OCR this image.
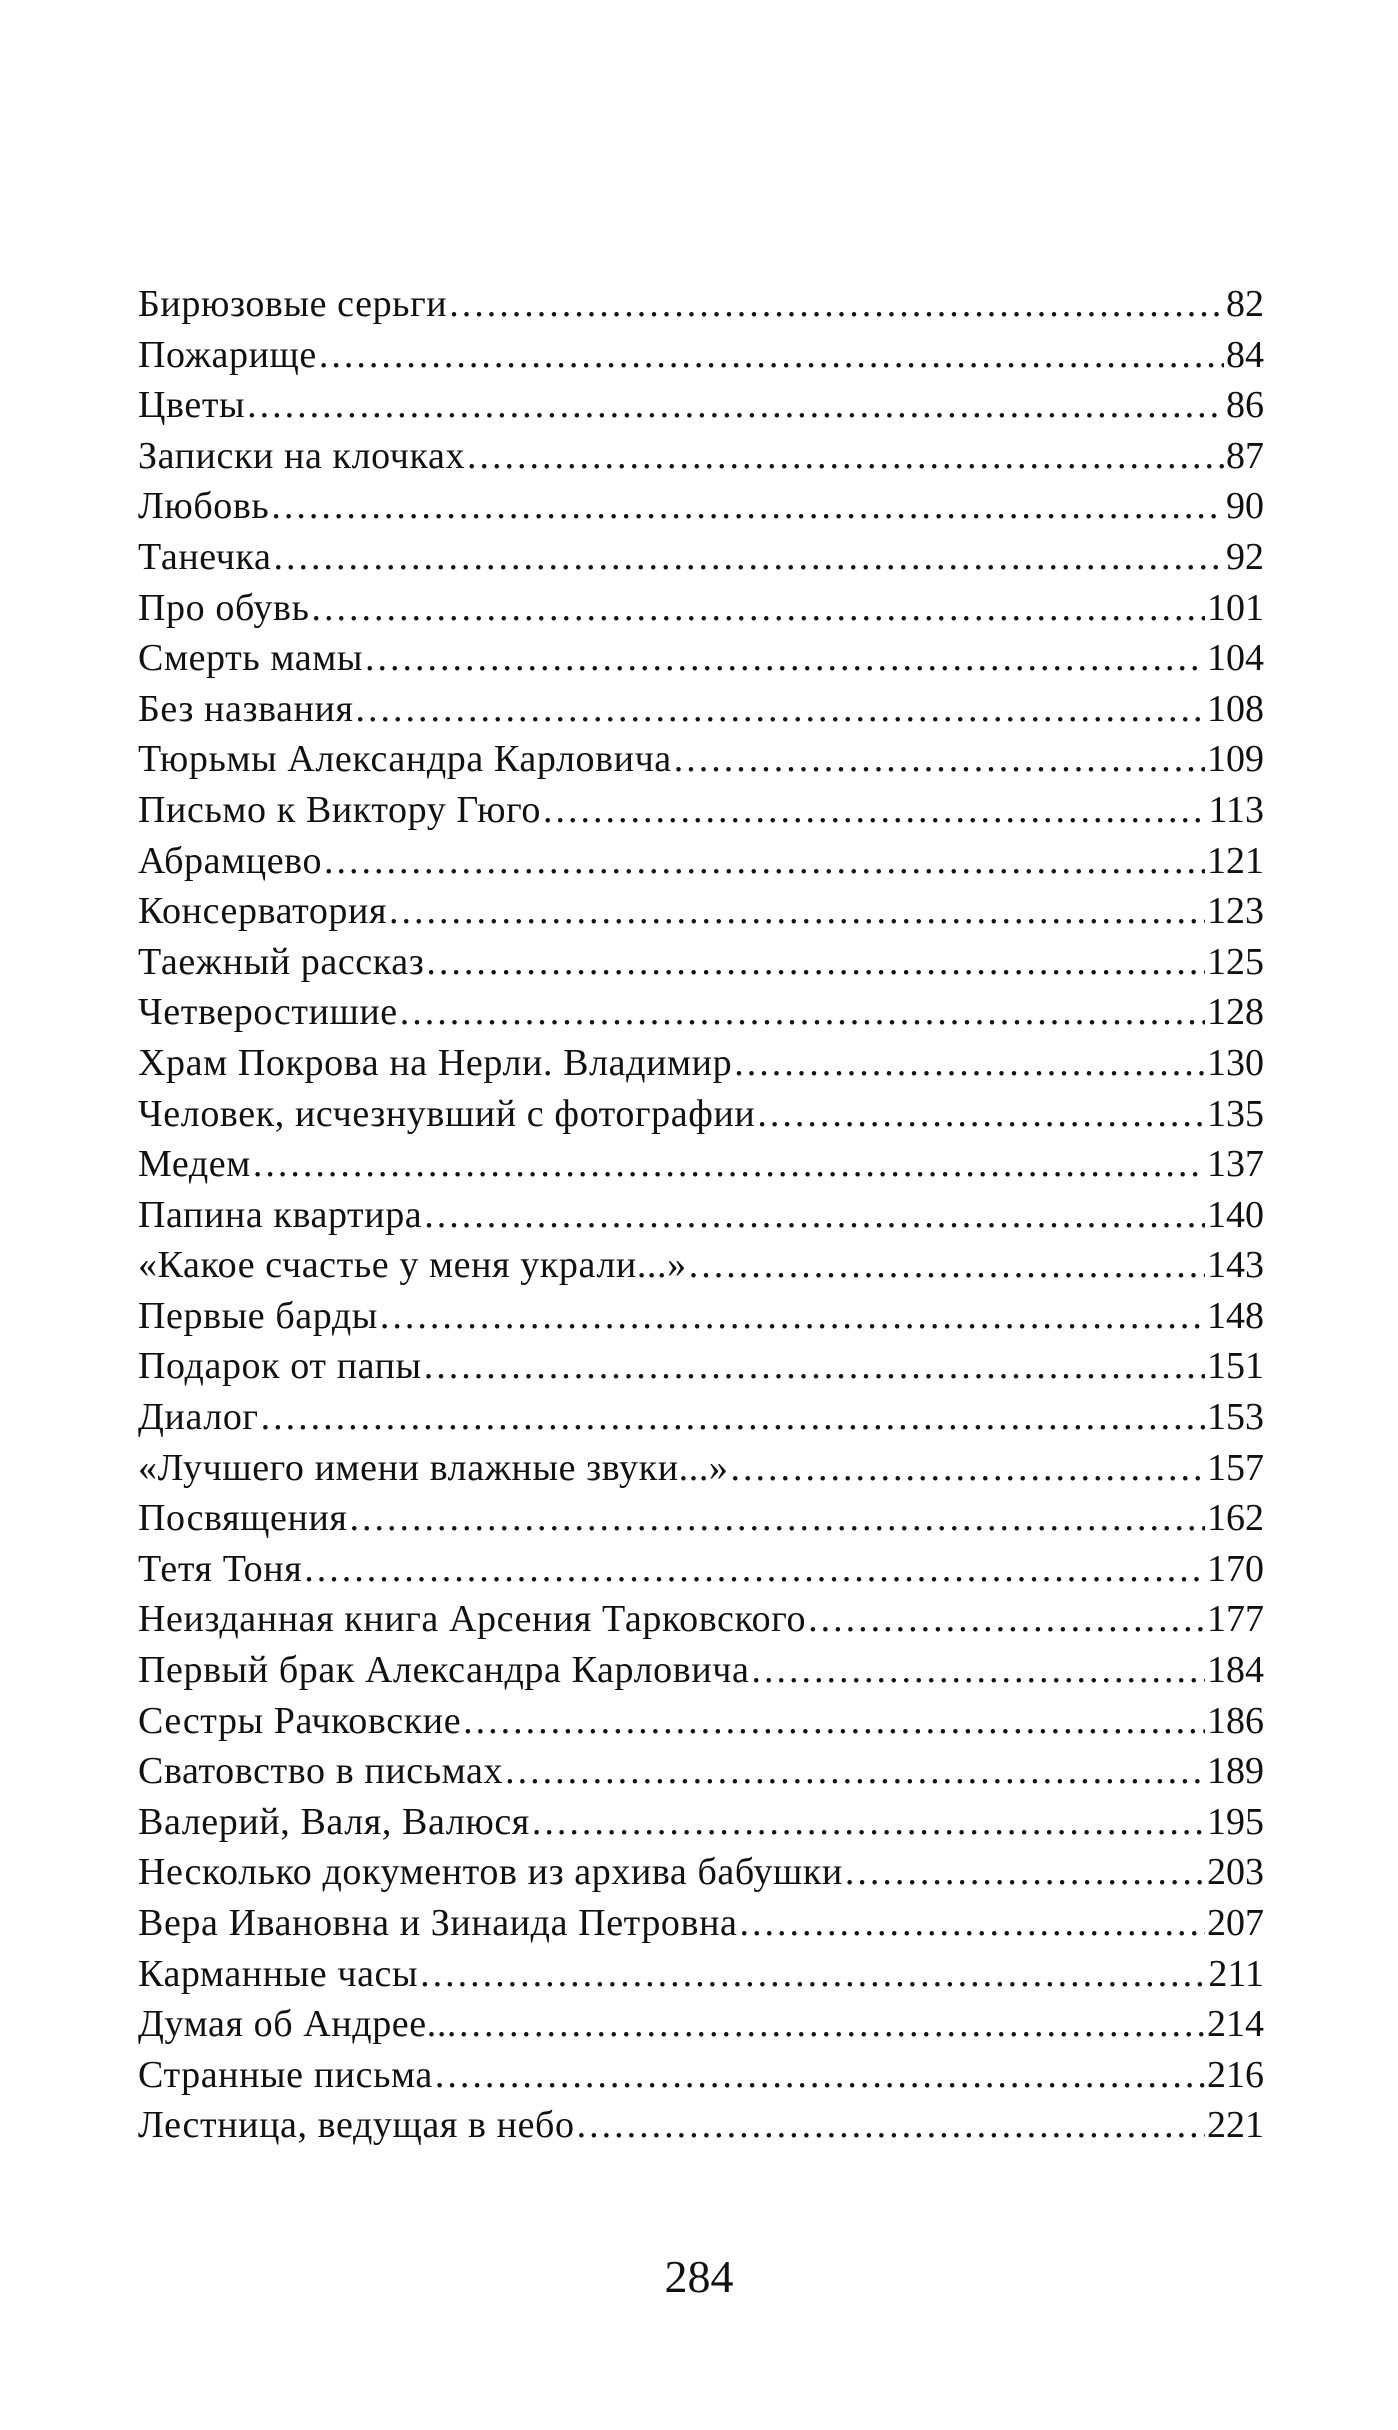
Бирюзовые серьги .....	82
Пожарище .....	84
Цветы .....	86
Записки на клочках .....	87
Любовь .....	90
Танечка .....	92
Про обувь .....	101
Смерть мамы .....	104
Без названия .....	108
Тюрьмы Александра Карловича .....	109
Письмо к Виктору Гюго .....	113
Абрамцево .....	121
Консерватория .....	123
Таежный рассказ .....	125
Четверостишие .....	128
Храм Покрова на Нерли. Владимир .....	130
Человек, исчезнувший с фотографии .....	135
Медем .....	137
Папина квартира .....	140
«Какое счастье у меня украли...» .....	143
Первые барды .....	148
Подарок от папы .....	151
Диалог .....	153
«Лучшего имени влажные звуки...» .....	157
Посвящения .....	162
Тетя Тоня .....	170
Неизданная книга Арсения Тарковского .....	177
Первый брак Александра Карловича .....	184
Сестры Рачковские .....	186
Сватовство в письмах .....	189
Валерий, Валя, Валюся .....	195
Несколько документов из архива бабушки .....	203
Вера Ивановна и Зинаида Петровна .....	207
Карманные часы .....	211
Думая об Андрее... .....	214
Странные письма .....	216
Лестница, ведущая в небо .....	221
284
